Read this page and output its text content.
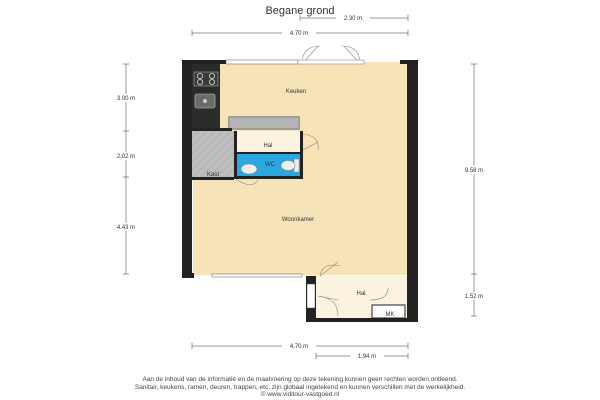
Begane grond
Keuken
Hal
WC
Kast
Woonkamer
Hal
MK
2.30 m
4.70 m
3.00 m
2.02 m
4.43 m
9.58 m
1.52 m
4.70 m
1.94 m
Aan de inhoud van de informatie en de maatvoering op deze tekening kunnen geen rechten worden ontleend.
Sanitair, keukens, ramen, deuren, trappen, etc. zijn globaal ingetekend en kunnen verschillen met de werkelijkheid.
© www.viditour-vastgoed.nl
